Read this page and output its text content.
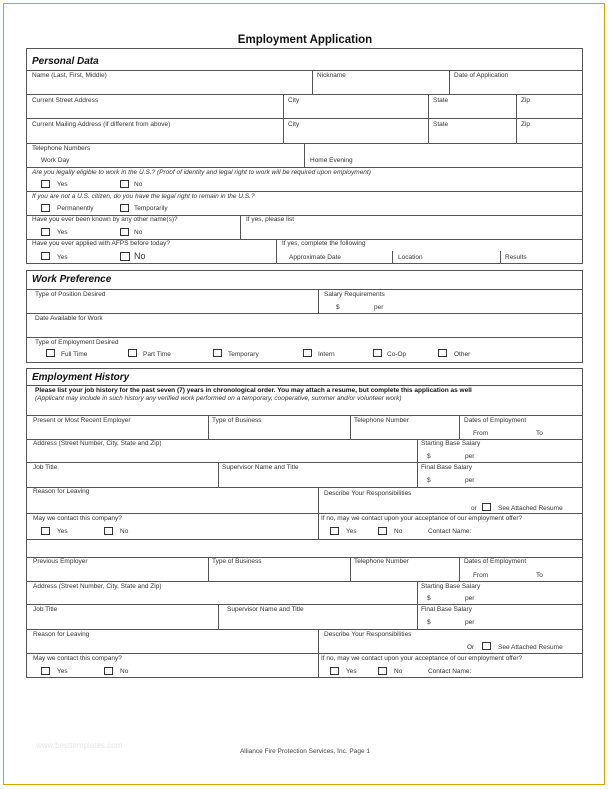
Employment Application
Personal Data
Name (Last, First, Middle)	Nickname	Date of Application
Current Street Address	City	State	Zip
Current Mailing Address (if different from above)	City	State	Zip
Telephone Numbers
Work Day	Home Evening
Are you legally eligible to work in the U.S.? (Proof of identity and legal right to work will be required upon employment)
Yes	No
If you are not a U.S. citizen, do you have the legal right to remain in the U.S.?
Permanently	Temporarily
Have you ever been known by any other name(s)?	If yes, please list
Yes	No
Have you ever applied with AFPS before today?	If yes, complete the following
Yes	No	Approximate Date	Location	Results
Work Preference
Type of Position Desired	Salary Requirements
$	per
Date Available for Work
Type of Employment Desired
Full Time	Part Time	Temporary	Intern	Co-Op	Other
Employment History
Please list your job history for the past seven (7) years in chronological order. You may attach a resume, but complete this application as well
(Applicant may include in such history any verified work performed on a temporary, cooperative, summer and/or volunteer work)
Present or Most Recent Employer	Type of Business	Telephone Number	Dates of Employment
From	To
Address (Street Number, City, State and Zip)	Starting Base Salary
$	per
Job Title	Supervisor Name and Title	Final Base Salary
$	per
Reason for Leaving	Describe Your Responsibilities
or	See Attached Resume
May we contact this company?
Yes	No
If no, may we contact upon your acceptance of our employment offer?
Yes	No	Contact Name:
Previous Employer	Type of Business	Telephone Number	Dates of Employment
From	To
Address (Street Number, City, State and Zip)	Starting Base Salary
$	per
Job Title	Supervisor Name and Title	Final Base Salary
$	per
Reason for Leaving	Describe Your Responsibilities
Or	See Attached Resume
May we contact this company?
Yes	No
If no, may we contact upon your acceptance of our employment offer?
Yes	No	Contact Name:
www.besttemplates.com
Alliance Fire Protection Services, Inc. Page 1
